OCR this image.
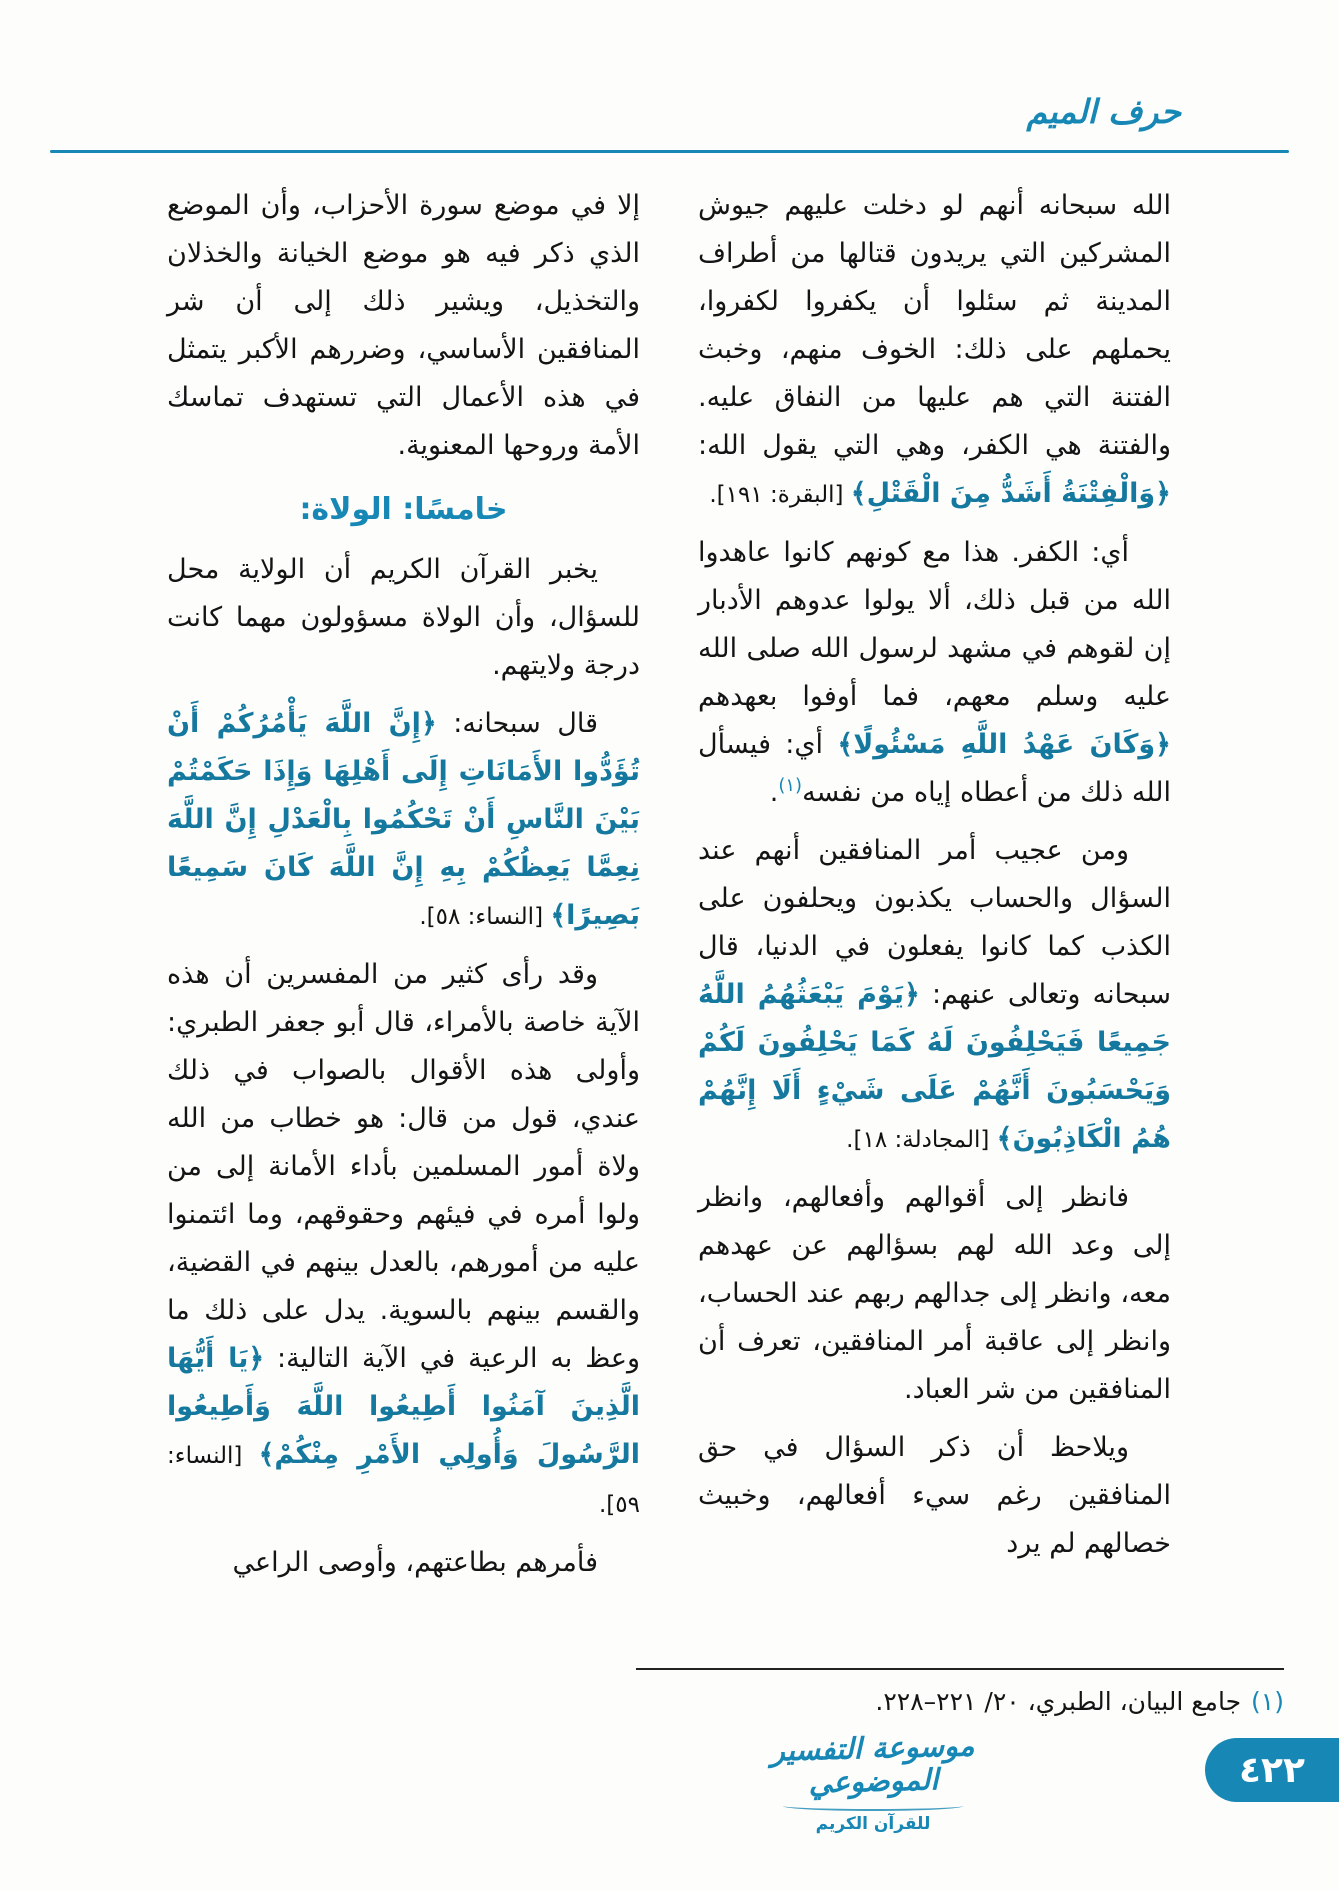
حرف الميم
الله سبحانه أنهم لو دخلت عليهم جيوش المشركين التي يريدون قتالها من أطراف المدينة ثم سئلوا أن يكفروا لكفروا، يحملهم على ذلك: الخوف منهم، وخبث الفتنة التي هم عليها من النفاق عليه. والفتنة هي الكفر، وهي التي يقول الله: ﴿وَالْفِتْنَةُ أَشَدُّ مِنَ الْقَتْلِ﴾ [البقرة: ١٩١].
أي: الكفر. هذا مع كونهم كانوا عاهدوا الله من قبل ذلك، ألا يولوا عدوهم الأدبار إن لقوهم في مشهد لرسول الله صلى الله عليه وسلم معهم، فما أوفوا بعهدهم ﴿وَكَانَ عَهْدُ اللَّهِ مَسْئُولًا﴾ أي: فيسأل الله ذلك من أعطاه إياه من نفسه$^{(١)}$.
ومن عجيب أمر المنافقين أنهم عند السؤال والحساب يكذبون ويحلفون على الكذب كما كانوا يفعلون في الدنيا، قال سبحانه وتعالى عنهم: ﴿يَوْمَ يَبْعَثُهُمُ اللَّهُ جَمِيعًا فَيَحْلِفُونَ لَهُ كَمَا يَحْلِفُونَ لَكُمْ وَيَحْسَبُونَ أَنَّهُمْ عَلَى شَيْءٍ أَلَا إِنَّهُمْ هُمُ الْكَاذِبُونَ﴾ [المجادلة: ١٨].
فانظر إلى أقوالهم وأفعالهم، وانظر إلى وعد الله لهم بسؤالهم عن عهدهم معه، وانظر إلى جدالهم ربهم عند الحساب، وانظر إلى عاقبة أمر المنافقين، تعرف أن المنافقين من شر العباد.
ويلاحظ أن ذكر السؤال في حق المنافقين رغم سيء أفعالهم، وخبيث خصالهم لم يرد
إلا في موضع سورة الأحزاب، وأن الموضع الذي ذكر فيه هو موضع الخيانة والخذلان والتخذيل، ويشير ذلك إلى أن شر المنافقين الأساسي، وضررهم الأكبر يتمثل في هذه الأعمال التي تستهدف تماسك الأمة وروحها المعنوية.
خامسًا: الولاة:
يخبر القرآن الكريم أن الولاية محل للسؤال، وأن الولاة مسؤولون مهما كانت درجة ولايتهم.
قال سبحانه: ﴿إِنَّ اللَّهَ يَأْمُرُكُمْ أَنْ تُؤَدُّوا الأَمَانَاتِ إِلَى أَهْلِهَا وَإِذَا حَكَمْتُمْ بَيْنَ النَّاسِ أَنْ تَحْكُمُوا بِالْعَدْلِ إِنَّ اللَّهَ نِعِمَّا يَعِظُكُمْ بِهِ إِنَّ اللَّهَ كَانَ سَمِيعًا بَصِيرًا﴾ [النساء: ٥٨].
وقد رأى كثير من المفسرين أن هذه الآية خاصة بالأمراء، قال أبو جعفر الطبري: وأولى هذه الأقوال بالصواب في ذلك عندي، قول من قال: هو خطاب من الله ولاة أمور المسلمين بأداء الأمانة إلى من ولوا أمره في فيئهم وحقوقهم، وما ائتمنوا عليه من أمورهم، بالعدل بينهم في القضية، والقسم بينهم بالسوية. يدل على ذلك ما وعظ به الرعية في الآية التالية: ﴿يَا أَيُّهَا الَّذِينَ آمَنُوا أَطِيعُوا اللَّهَ وَأَطِيعُوا الرَّسُولَ وَأُولِي الأَمْرِ مِنْكُمْ﴾ [النساء: ٥٩].
فأمرهم بطاعتهم، وأوصى الراعي
(١)جامع البيان، الطبري، ٢٠/ ٢٢١–٢٢٨.
موسوعة التفسير الموضوعي
للقرآن الكريم
٤٢٢
